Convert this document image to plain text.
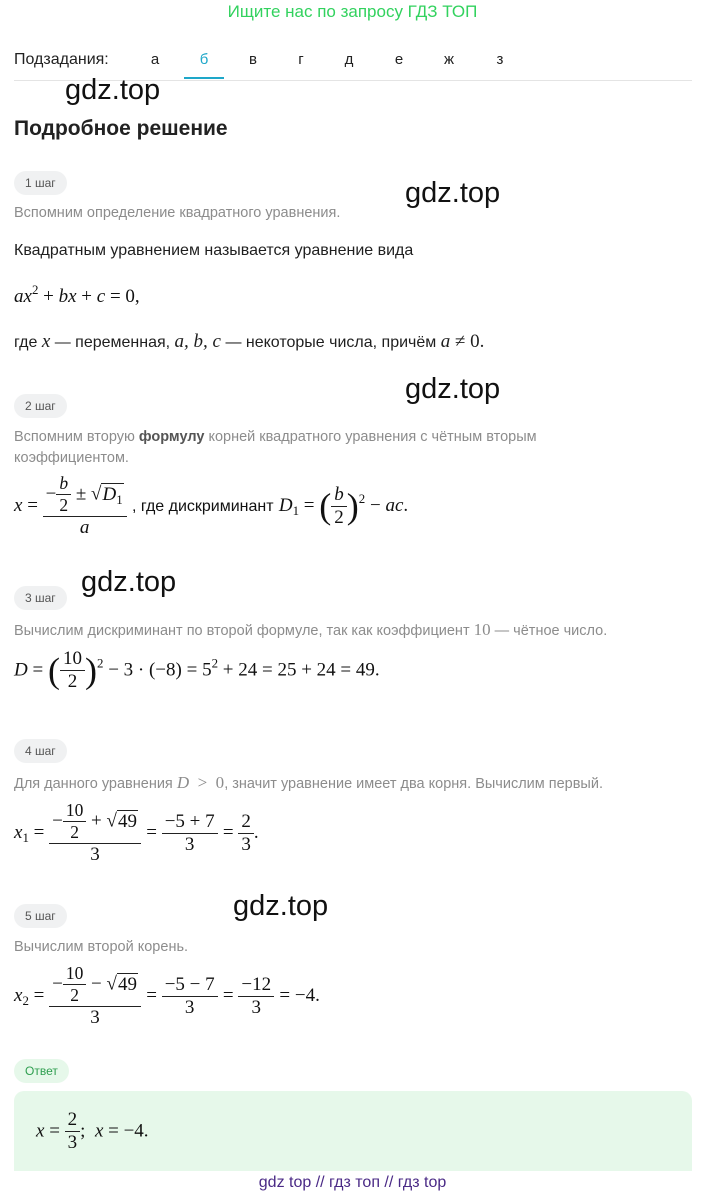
Ищите нас по запросу ГДЗ ТОП
Подзадания:	а	б	в	г	д	е	ж	з
gdz.top
gdz.top
gdz.top
gdz.top
gdz.top
Подробное решение
1 шаг
Вспомним определение квадратного уравнения.
Квадратным уравнением называется уравнение вида
$ax^2$ + bx + c = 0,
где x — переменная, a, b, c — некоторые числа, причём a ≠ 0.
2 шаг
Вспомним вторую формулу корней квадратного уравнения с чётным вторым коэффициентом.
$x = \frac{- \frac{b}{2} \pm √D_1}{a}$ , где дискриминант $D_1$ = ( $\frac{b}{2} )^2$ − ac.
3 шаг
Вычислим дискриминант по второй формуле, так как коэффициент 10 — чётное число.
D = ( $\frac{10}{2} )^2 - 3 \cdot (-8) = 5^2 + 24 = 25 + 24 = 49$.
4 шаг
Для данного уравнения D  >  0, значит уравнение имеет два корня. Вычислим первый.
$x_1 = \frac{- \frac{10}{2} + √49}{3} = \frac{-5 + 7}{3} = \frac{2}{3}$ .
5 шаг
Вычислим второй корень.
$x_2 = \frac{- \frac{10}{2} - √49}{3} = \frac{-5 - 7}{3} = \frac{-12}{3} = -4$.
Ответ
$x = \frac{2}{3}$ ;  x = −4.
gdz top // гдз топ // гдз top
